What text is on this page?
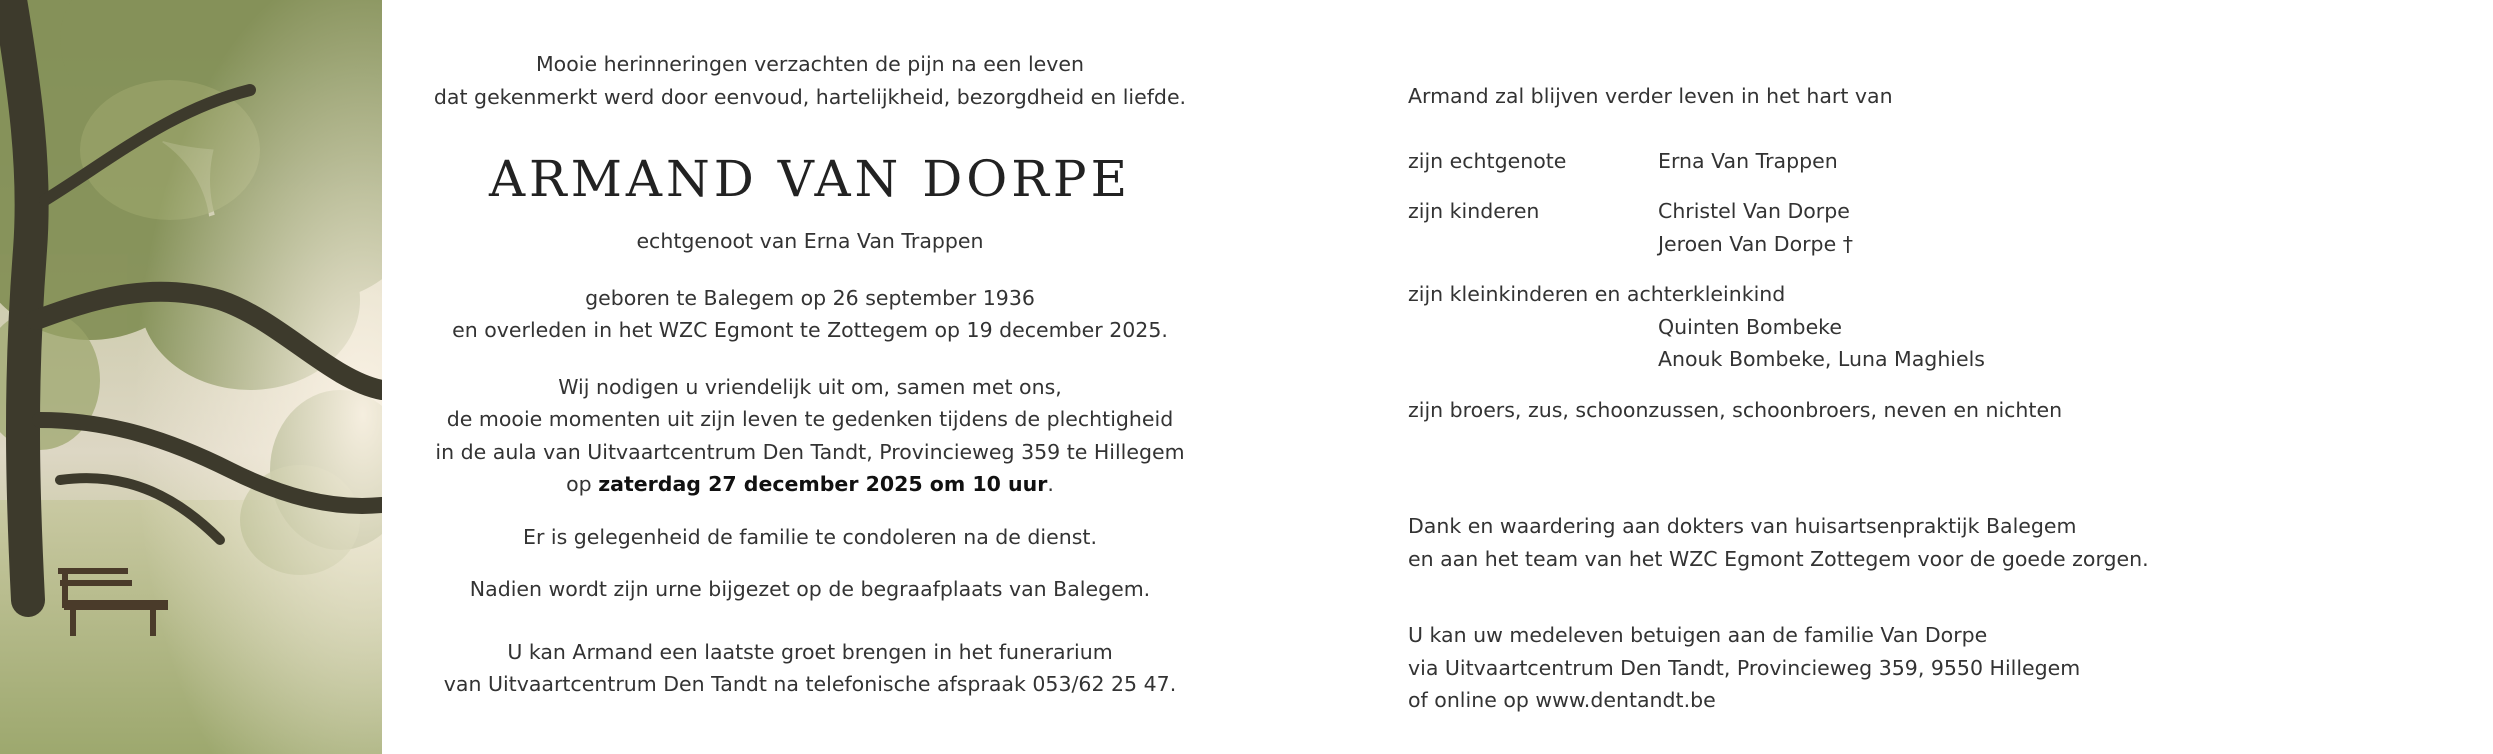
Mooie herinneringen verzachten de pijn na een leven

dat gekenmerkt werd door eenvoud, hartelijkheid, bezorgdheid en liefde.

ARMAND VAN DORPE

echtgenoot van Erna Van Trappen

geboren te Balegem op 26 september 1936

en overleden in het WZC Egmont te Zottegem op 19 december 2025.

Wij nodigen u vriendelijk uit om, samen met ons,

de mooie momenten uit zijn leven te gedenken tijdens de plechtigheid

in de aula van Uitvaartcentrum Den Tandt, Provincieweg 359 te Hillegem

op zaterdag 27 december 2025 om 10 uur.

Er is gelegenheid de familie te condoleren na de dienst.

Nadien wordt zijn urne bijgezet op de begraafplaats van Balegem.

U kan Armand een laatste groet brengen in het funerarium

van Uitvaartcentrum Den Tandt na telefonische afspraak 053/62 25 47.

Armand zal blijven verder leven in het hart van

zijn echtgenote	Erna Van Trappen
zijn kinderen	Christel Van Dorpe
Jeroen Van Dorpe †

zijn kleinkinderen en achterkleinkind

Quinten Bombeke

Anouk Bombeke, Luna Maghiels

zijn broers, zus, schoonzussen, schoonbroers, neven en nichten

Dank en waardering aan dokters van huisartsenpraktijk Balegem

en aan het team van het WZC Egmont Zottegem voor de goede zorgen.

U kan uw medeleven betuigen aan de familie Van Dorpe

via Uitvaartcentrum Den Tandt, Provincieweg 359, 9550 Hillegem

of online op www.dentandt.be
